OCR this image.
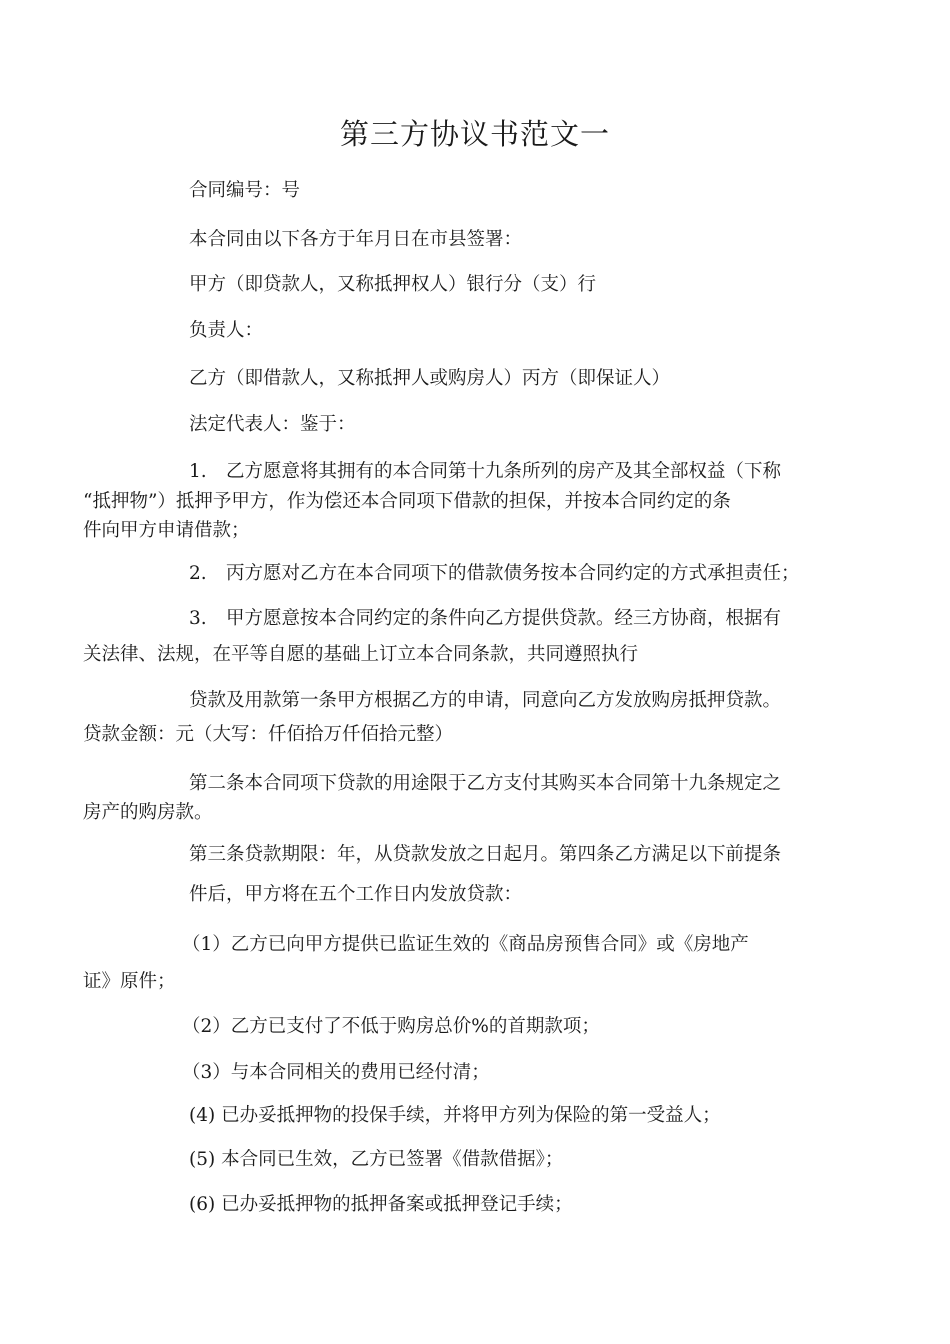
第三方协议书范文一

合同编号：号

本合同由以下各方于年月日在市县签署：

甲方（即贷款人，又称抵押权人）银行分（支）行

负责人：

乙方（即借款人，又称抵押人或购房人）丙方（即保证人）

法定代表人：鉴于：

1. 乙方愿意将其拥有的本合同第十九条所列的房产及其全部权益（下称

“抵押物”）抵押予甲方，作为偿还本合同项下借款的担保，并按本合同约定的条

件向甲方申请借款；

2. 丙方愿对乙方在本合同项下的借款债务按本合同约定的方式承担责任；

3. 甲方愿意按本合同约定的条件向乙方提供贷款。经三方协商，根据有

关法律、法规，在平等自愿的基础上订立本合同条款，共同遵照执行

贷款及用款第一条甲方根据乙方的申请，同意向乙方发放购房抵押贷款。

贷款金额：元（大写：仟佰拾万仟佰拾元整）

第二条本合同项下贷款的用途限于乙方支付其购买本合同第十九条规定之

房产的购房款。

第三条贷款期限：年，从贷款发放之日起月。第四条乙方满足以下前提条

件后，甲方将在五个工作日内发放贷款：

（1）乙方已向甲方提供已监证生效的《商品房预售合同》或《房地产

证》原件；

（2）乙方已支付了不低于购房总价%的首期款项；

（3）与本合同相关的费用已经付清；

(4) 已办妥抵押物的投保手续，并将甲方列为保险的第一受益人；

(5) 本合同已生效，乙方已签署《借款借据》；

(6) 已办妥抵押物的抵押备案或抵押登记手续；
